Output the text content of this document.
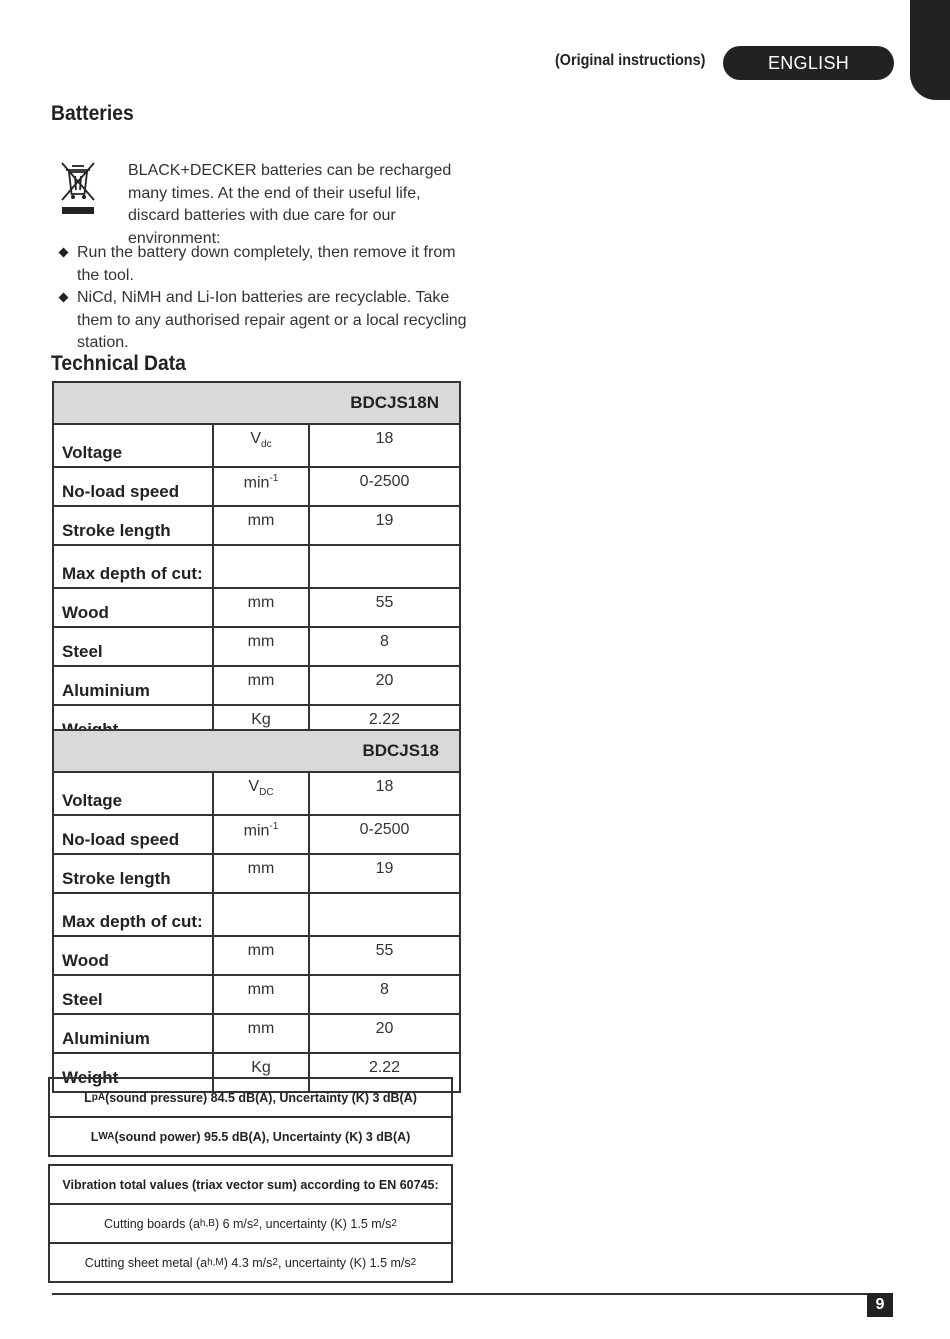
(Original instructions)	ENGLISH
Batteries
BLACK+DECKER batteries can be recharged many times. At the end of their useful life, discard batteries with due care for our environment:
Run the battery down completely, then remove it from the tool.
NiCd, NiMH and Li-Ion batteries are recyclable. Take them to any authorised repair agent or a local recycling station.
Technical Data
BDCJS18N		
Voltage	$V_{dc}$	18
No-load speed	$\min^{-1}$	0-2500
Stroke length	mm	19
Max depth of cut:		
Wood	mm	55
Steel	mm	8
Aluminium	mm	20
	Kg	2.22
BDCJS18		
Voltage	$V_{DC}$	18
No-load speed	$\min^{-1}$	0-2500
Stroke length	mm	19
Max depth of cut:		
Wood	mm	55
Steel	mm	8
Aluminium	mm	20
Weight	Kg	2.22
L pA (sound pressure) 84.5 dB(A), Uncertainty (K) 3 dB(A)
L WA (sound power) 95.5 dB(A), Uncertainty (K) 3 dB(A)
Vibration total values (triax vector sum) according to EN 60745:
Cutting boards (a h,B ) 6 m/s 2 , uncertainty (K) 1.5 m/s 2
Cutting sheet metal (a h,M ) 4.3 m/s 2 , uncertainty (K) 1.5 m/s 2
9
